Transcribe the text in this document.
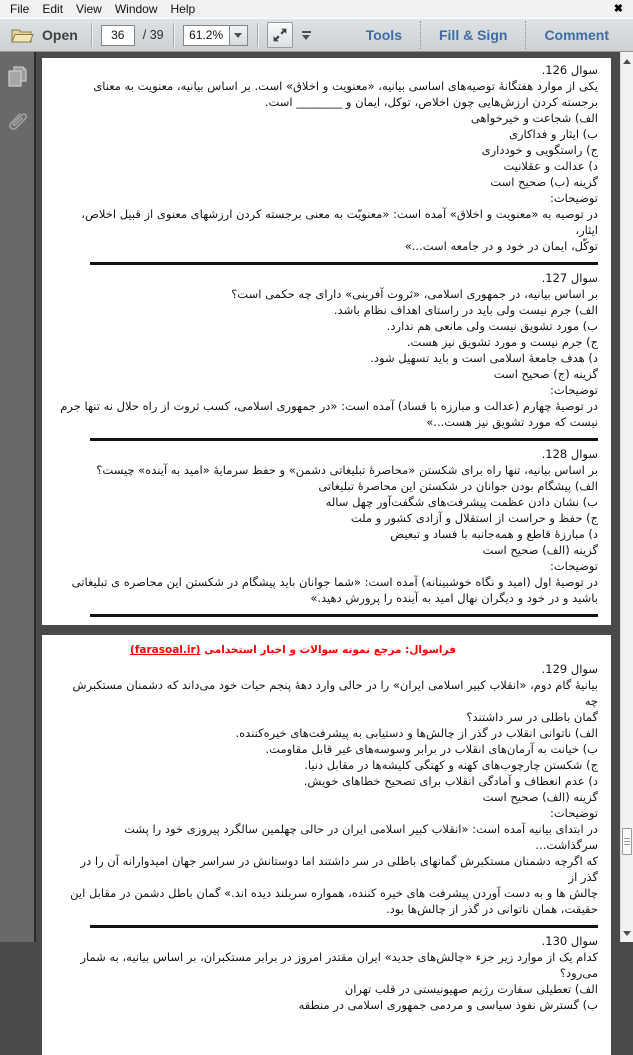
File Edit View Window Help	✖
Open
36	/ 39	61.2%	Tools	Fill & Sign	Comment
سوال 126.
یکی از موارد هفتگانهٔ توصیه‌های اساسی بیانیه، «معنویت و اخلاق» است. بر اساس بیانیه، معنویت به معنای
برجسته کردن ارزش‌هایی چون اخلاص، توکل، ایمان و ________ است.
الف) شجاعت و خیرخواهی
ب) ایثار و فداکاری
ج) راستگویی و خودداری
د) عدالت و عقلانیت
گزینه (ب) صحیح است
توضیحات:
در توصیه به «معنویت و اخلاق» آمده است: «معنویّت به معنی برجسته کردن ارزشهای معنوی از قبیل اخلاص، ایثار،
توکّل، ایمان در خود و در جامعه است...»
سوال 127.
بر اساس بیانیه، در جمهوری اسلامی، «ثروت آفرینی» دارای چه حکمی است؟
الف) جرم نیست ولی باید در راستای اهداف نظام باشد.
ب) مورد تشویق نیست ولی مانعی هم ندارد.
ج) جرم نیست و مورد تشویق نیز هست.
د) هدف جامعهٔ اسلامی است و باید تسهیل شود.
گزینه (ج) صحیح است
توضیحات:
در توصیهٔ چهارم (عدالت و مبارزه با فساد) آمده است: «در جمهوری اسلامی، کسب ثروت از راه حلال نه تنها جرم
نیست که مورد تشویق نیز هست...»
سوال 128.
بر اساس بیانیه، تنها راه برای شکستن «محاصرهٔ تبلیغاتی دشمن» و حفظ سرمایهٔ «امید به آینده» چیست؟
الف) پیشگام بودن جوانان در شکستن این محاصرهٔ تبلیغاتی
ب) نشان دادن عظمت پیشرفت‌های شگفت‌آور چهل ساله
ج) حفظ و حراست از استقلال و آزادی کشور و ملت
د) مبارزهٔ قاطع و همه‌جانبه با فساد و تبعیض
گزینه (الف) صحیح است
توضیحات:
در توصیهٔ اول (امید و نگاه خوشبینانه) آمده است: «شما جوانان باید پیشگام در شکستن این محاصره ی تبلیغاتی
باشید و در خود و دیگران نهال امید به آینده را پرورش دهید.»
فراسوال: مرجع نمونه سوالات و اخبار استخدامی (farasoal.ir)
سوال 129.
بیانیهٔ گام دوم، «انقلاب کبیر اسلامی ایران» را در حالی وارد دههٔ پنجم حیات خود می‌داند که دشمنان مستکبرش چه
گمان باطلی در سر داشتند؟
الف) ناتوانی انقلاب در گذر از چالش‌ها و دستیابی به پیشرفت‌های خیره‌کننده.
ب) خیانت به آرمان‌های انقلاب در برابر وسوسه‌های غیر قابل مقاومت.
ج) شکستن چارچوب‌های کهنه و کهنگی کلیشه‌ها در مقابل دنیا.
د) عدم انعطاف و آمادگی انقلاب برای تصحیح خطاهای خویش.
گزینه (الف) صحیح است
توضیحات:
در ابتدای بیانیه آمده است: «انقلاب کبیر اسلامی ایران در حالی چهلمین سالگرد پیروزی خود را پشت سرگذاشت...
که اگرچه دشمنان مستکبرش گمانهای باطلی در سر داشتند اما دوستانش در سراسر جهان امیدوارانه آن را در گذر از
چالش ها و به دست آوردن پیشرفت های خیره کننده، همواره سربلند دیده اند.» گمان باطل دشمن در مقابل این
حقیقت، همان ناتوانی در گذر از چالش‌ها بود.
سوال 130.
کدام یک از موارد زیر جزء «چالش‌های جدید» ایران مقتدر امروز در برابر مستکبران، بر اساس بیانیه، به شمار می‌رود؟
الف) تعطیلی سفارت رژیم صهیونیستی در قلب تهران
ب) گسترش نفوذ سیاسی و مردمی جمهوری اسلامی در منطقه
